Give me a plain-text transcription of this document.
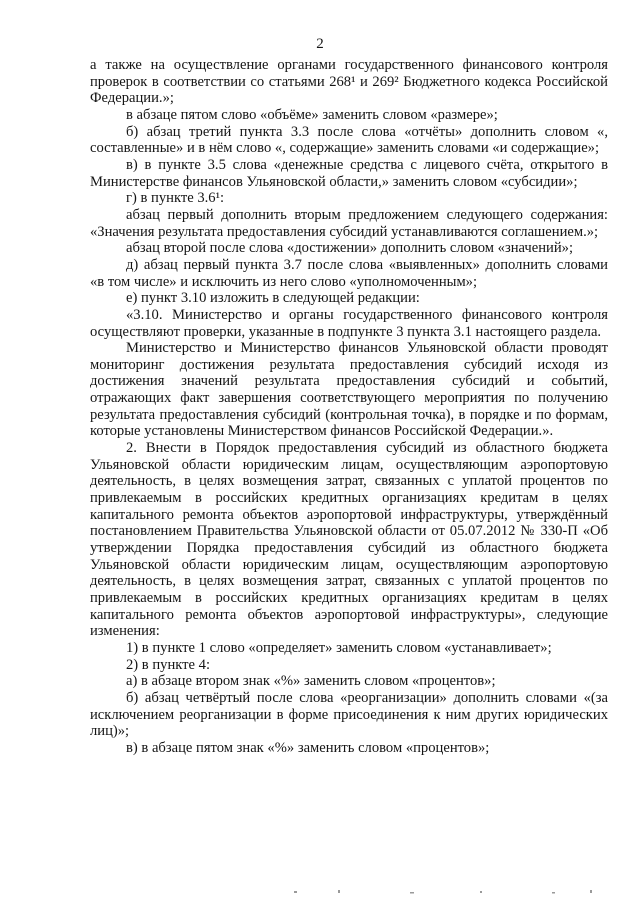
2

а также на осуществление органами государственного финансового контроля проверок в соответствии со статьями 268¹ и 269² Бюджетного кодекса Российской Федерации.»;

в абзаце пятом слово «объёме» заменить словом «размере»;

б) абзац третий пункта 3.3 после слова «отчёты» дополнить словом «, составленные» и в нём слово «, содержащие» заменить словами «и содержащие»;

в) в пункте 3.5 слова «денежные средства с лицевого счёта, открытого в Министерстве финансов Ульяновской области,» заменить словом «субсидии»;

г) в пункте 3.6¹:

абзац первый дополнить вторым предложением следующего содержания: «Значения результата предоставления субсидий устанавливаются соглашением.»;

абзац второй после слова «достижении» дополнить словом «значений»;

д) абзац первый пункта 3.7 после слова «выявленных» дополнить словами «в том числе» и исключить из него слово «уполномоченным»;

е) пункт 3.10 изложить в следующей редакции:

«3.10. Министерство и органы государственного финансового контроля осуществляют проверки, указанные в подпункте 3 пункта 3.1 настоящего раздела.

Министерство и Министерство финансов Ульяновской области проводят мониторинг достижения результата предоставления субсидий исходя из достижения значений результата предоставления субсидий и событий, отражающих факт завершения соответствующего мероприятия по получению результата предоставления субсидий (контрольная точка), в порядке и по формам, которые установлены Министерством финансов Российской Федерации.».

2. Внести в Порядок предоставления субсидий из областного бюджета Ульяновской области юридическим лицам, осуществляющим аэропортовую деятельность, в целях возмещения затрат, связанных с уплатой процентов по привлекаемым в российских кредитных организациях кредитам в целях капитального ремонта объектов аэропортовой инфраструктуры, утверждённый постановлением Правительства Ульяновской области от 05.07.2012 № 330-П «Об утверждении Порядка предоставления субсидий из областного бюджета Ульяновской области юридическим лицам, осуществляющим аэропортовую деятельность, в целях возмещения затрат, связанных с уплатой процентов по привлекаемым в российских кредитных организациях кредитам в целях капитального ремонта объектов аэропортовой инфраструктуры», следующие изменения:

1) в пункте 1 слово «определяет» заменить словом «устанавливает»;

2) в пункте 4:

а) в абзаце втором знак «%» заменить словом «процентов»;

б) абзац четвёртый после слова «реорганизации» дополнить словами «(за исключением реорганизации в форме присоединения к ним других юридических лиц)»;

в) в абзаце пятом знак «%» заменить словом «процентов»;
